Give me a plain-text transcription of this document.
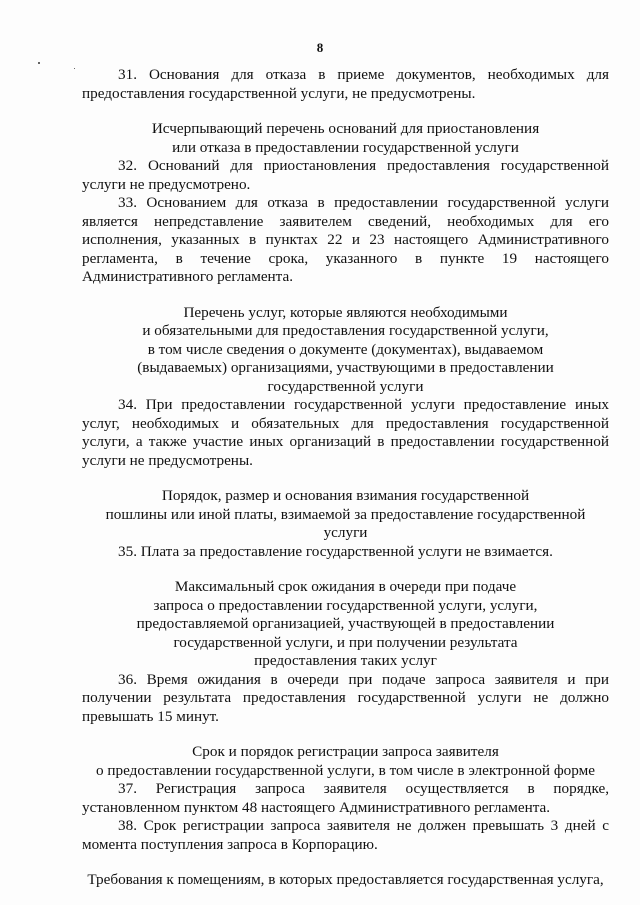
8

31. Основания для отказа в приеме документов, необходимых для предоставления государственной услуги, не предусмотрены.

Исчерпывающий перечень оснований для приостановления
или отказа в предоставлении государственной услуги

32. Оснований для приостановления предоставления государственной услуги не предусмотрено.

33. Основанием для отказа в предоставлении государственной услуги является непредставление заявителем сведений, необходимых для его исполнения, указанных в пунктах 22 и 23 настоящего Административного регламента, в течение срока, указанного в пункте 19 настоящего Административного регламента.

Перечень услуг, которые являются необходимыми
и обязательными для предоставления государственной услуги,
в том числе сведения о документе (документах), выдаваемом
(выдаваемых) организациями, участвующими в предоставлении
государственной услуги

34. При предоставлении государственной услуги предоставление иных услуг, необходимых и обязательных для предоставления государственной услуги, а также участие иных организаций в предоставлении государственной услуги не предусмотрены.

Порядок, размер и основания взимания государственной
пошлины или иной платы, взимаемой за предоставление государственной услуги

35. Плата за предоставление государственной услуги не взимается.

Максимальный срок ожидания в очереди при подаче
запроса о предоставлении государственной услуги, услуги,
предоставляемой организацией, участвующей в предоставлении
государственной услуги, и при получении результата
предоставления таких услуг

36. Время ожидания в очереди при подаче запроса заявителя и при получении результата предоставления государственной услуги не должно превышать 15 минут.

Срок и порядок регистрации запроса заявителя
о предоставлении государственной услуги, в том числе в электронной форме

37. Регистрация запроса заявителя осуществляется в порядке, установленном пунктом 48 настоящего Административного регламента.

38. Срок регистрации запроса заявителя не должен превышать 3 дней с момента поступления запроса в Корпорацию.

Требования к помещениям, в которых предоставляется государственная услуга,
